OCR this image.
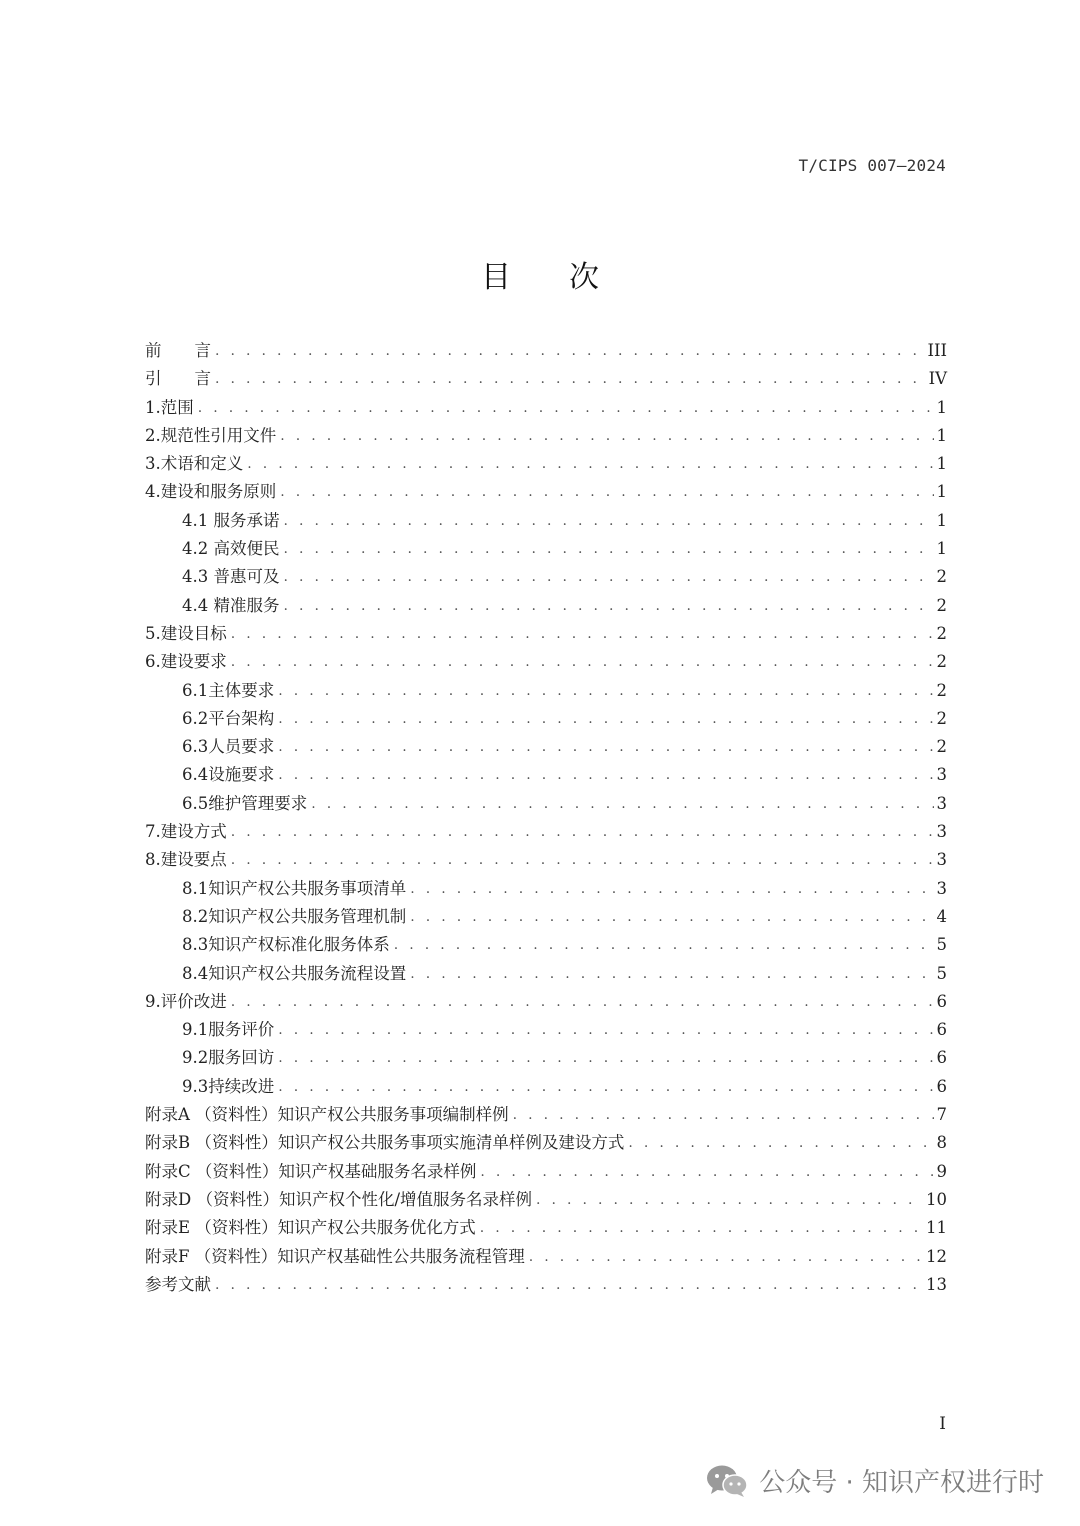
T/CIPS 007—2024
目次
前　　言 . . .	III
引　　言 . . .	IV
1.范围 . . .	1
2.规范性引用文件 . . .	1
3.术语和定义 . . .	1
4.建设和服务原则 . . .	1
4.1 服务承诺 . . .	1
4.2 高效便民 . . .	1
4.3 普惠可及 . . .	2
4.4 精准服务 . . .	2
5.建设目标 . . .	2
6.建设要求 . . .	2
6.1主体要求 . . .	2
6.2平台架构 . . .	2
6.3人员要求 . . .	2
6.4设施要求 . . .	3
6.5维护管理要求 . . .	3
7.建设方式 . . .	3
8.建设要点 . . .	3
8.1知识产权公共服务事项清单 . . .	3
8.2知识产权公共服务管理机制 . . .	4
8.3知识产权标准化服务体系 . . .	5
8.4知识产权公共服务流程设置 . . .	5
9.评价改进 . . .	6
9.1服务评价 . . .	6
9.2服务回访 . . .	6
9.3持续改进 . . .	6
附录A （资料性）知识产权公共服务事项编制样例 . . .	7
附录B （资料性）知识产权公共服务事项实施清单样例及建设方式 . . .	8
附录C （资料性）知识产权基础服务名录样例 . . .	9
附录D （资料性）知识产权个性化/增值服务名录样例 . . .	10
附录E （资料性）知识产权公共服务优化方式 . . .	11
附录F （资料性）知识产权基础性公共服务流程管理 . . .	12
参考文献 . . .	13
I
公众号 · 知识产权进行时
